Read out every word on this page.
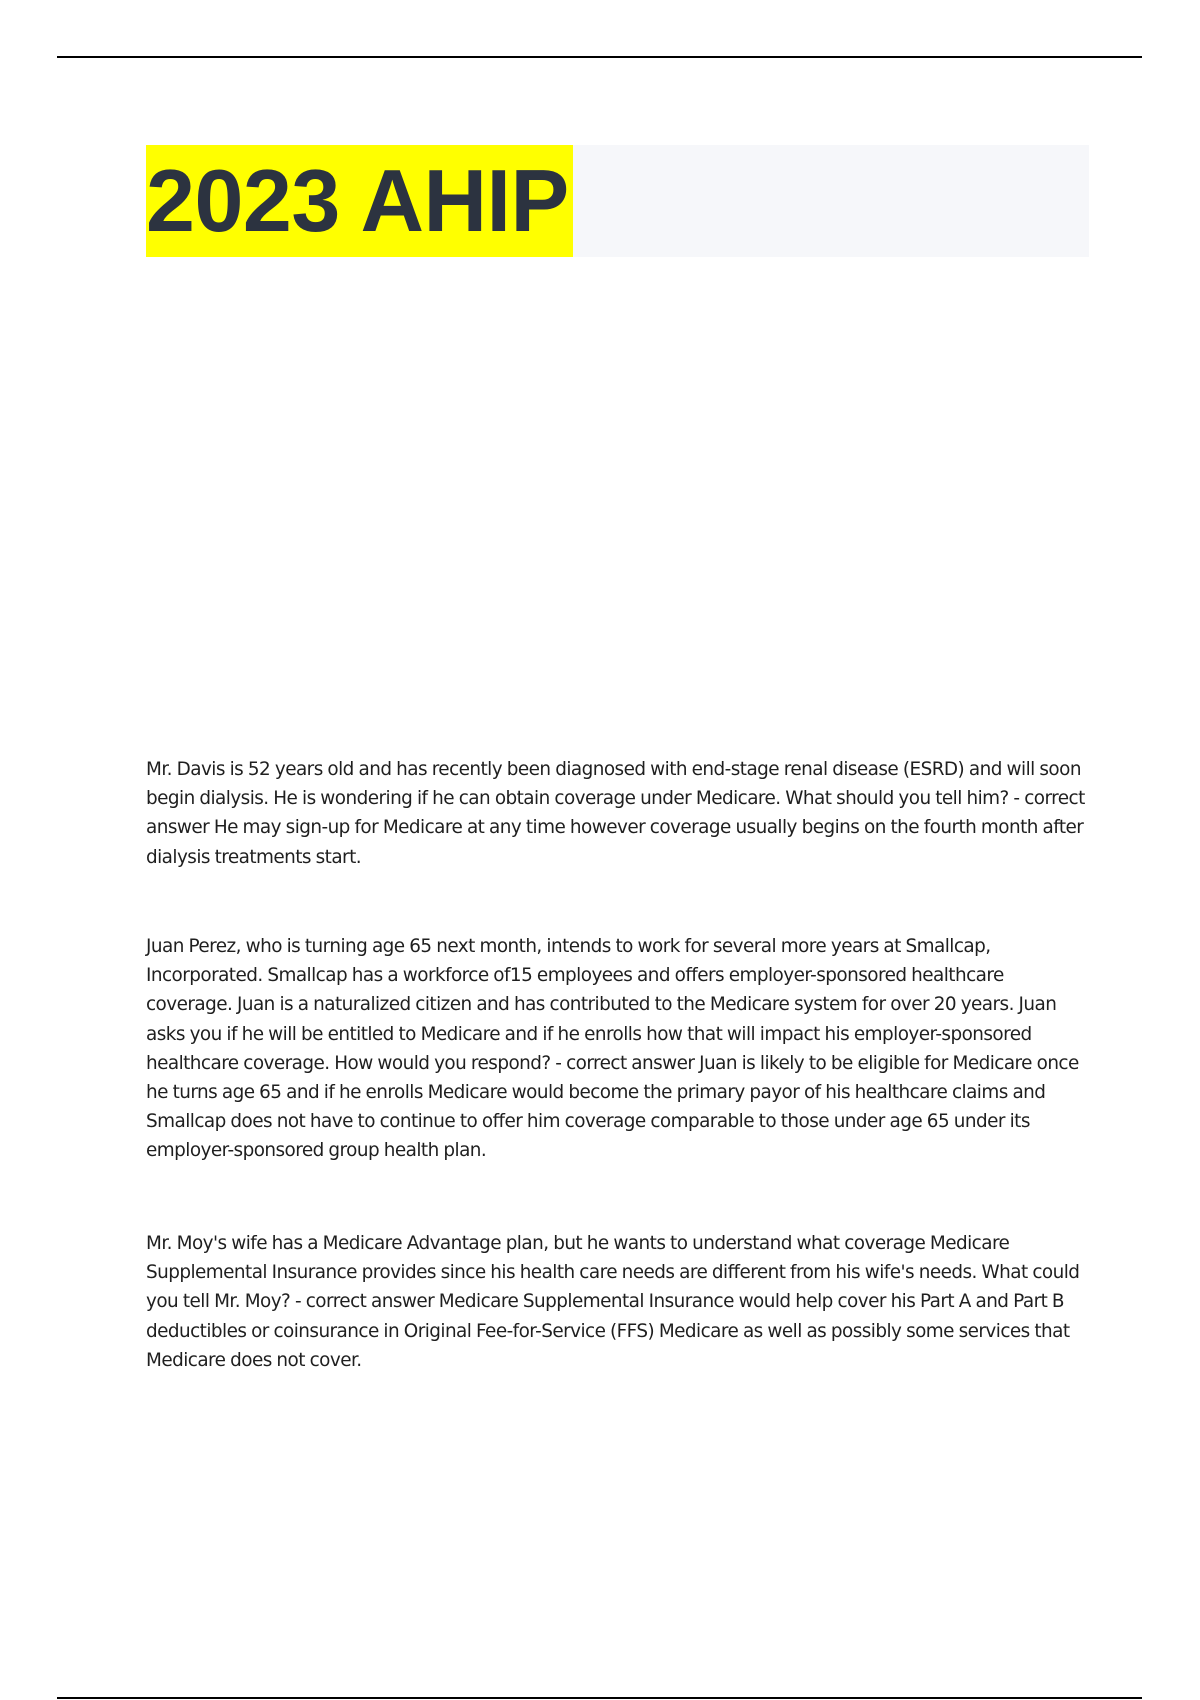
2023 AHIP

Mr. Davis is 52 years old and has recently been diagnosed with end-stage renal disease (ESRD) and will soon begin dialysis. He is wondering if he can obtain coverage under Medicare. What should you tell him? - correct answer He may sign-up for Medicare at any time however coverage usually begins on the fourth month after dialysis treatments start.

Juan Perez, who is turning age 65 next month, intends to work for several more years at Smallcap, Incorporated. Smallcap has a workforce of15 employees and offers employer-sponsored healthcare coverage. Juan is a naturalized citizen and has contributed to the Medicare system for over 20 years. Juan asks you if he will be entitled to Medicare and if he enrolls how that will impact his employer-sponsored healthcare coverage. How would you respond? - correct answer Juan is likely to be eligible for Medicare once he turns age 65 and if he enrolls Medicare would become the primary payor of his healthcare claims and Smallcap does not have to continue to offer him coverage comparable to those under age 65 under its employer-sponsored group health plan.

Mr. Moy's wife has a Medicare Advantage plan, but he wants to understand what coverage Medicare Supplemental Insurance provides since his health care needs are different from his wife's needs. What could you tell Mr. Moy? - correct answer Medicare Supplemental Insurance would help cover his Part A and Part B deductibles or coinsurance in Original Fee-for-Service (FFS) Medicare as well as possibly some services that Medicare does not cover.
